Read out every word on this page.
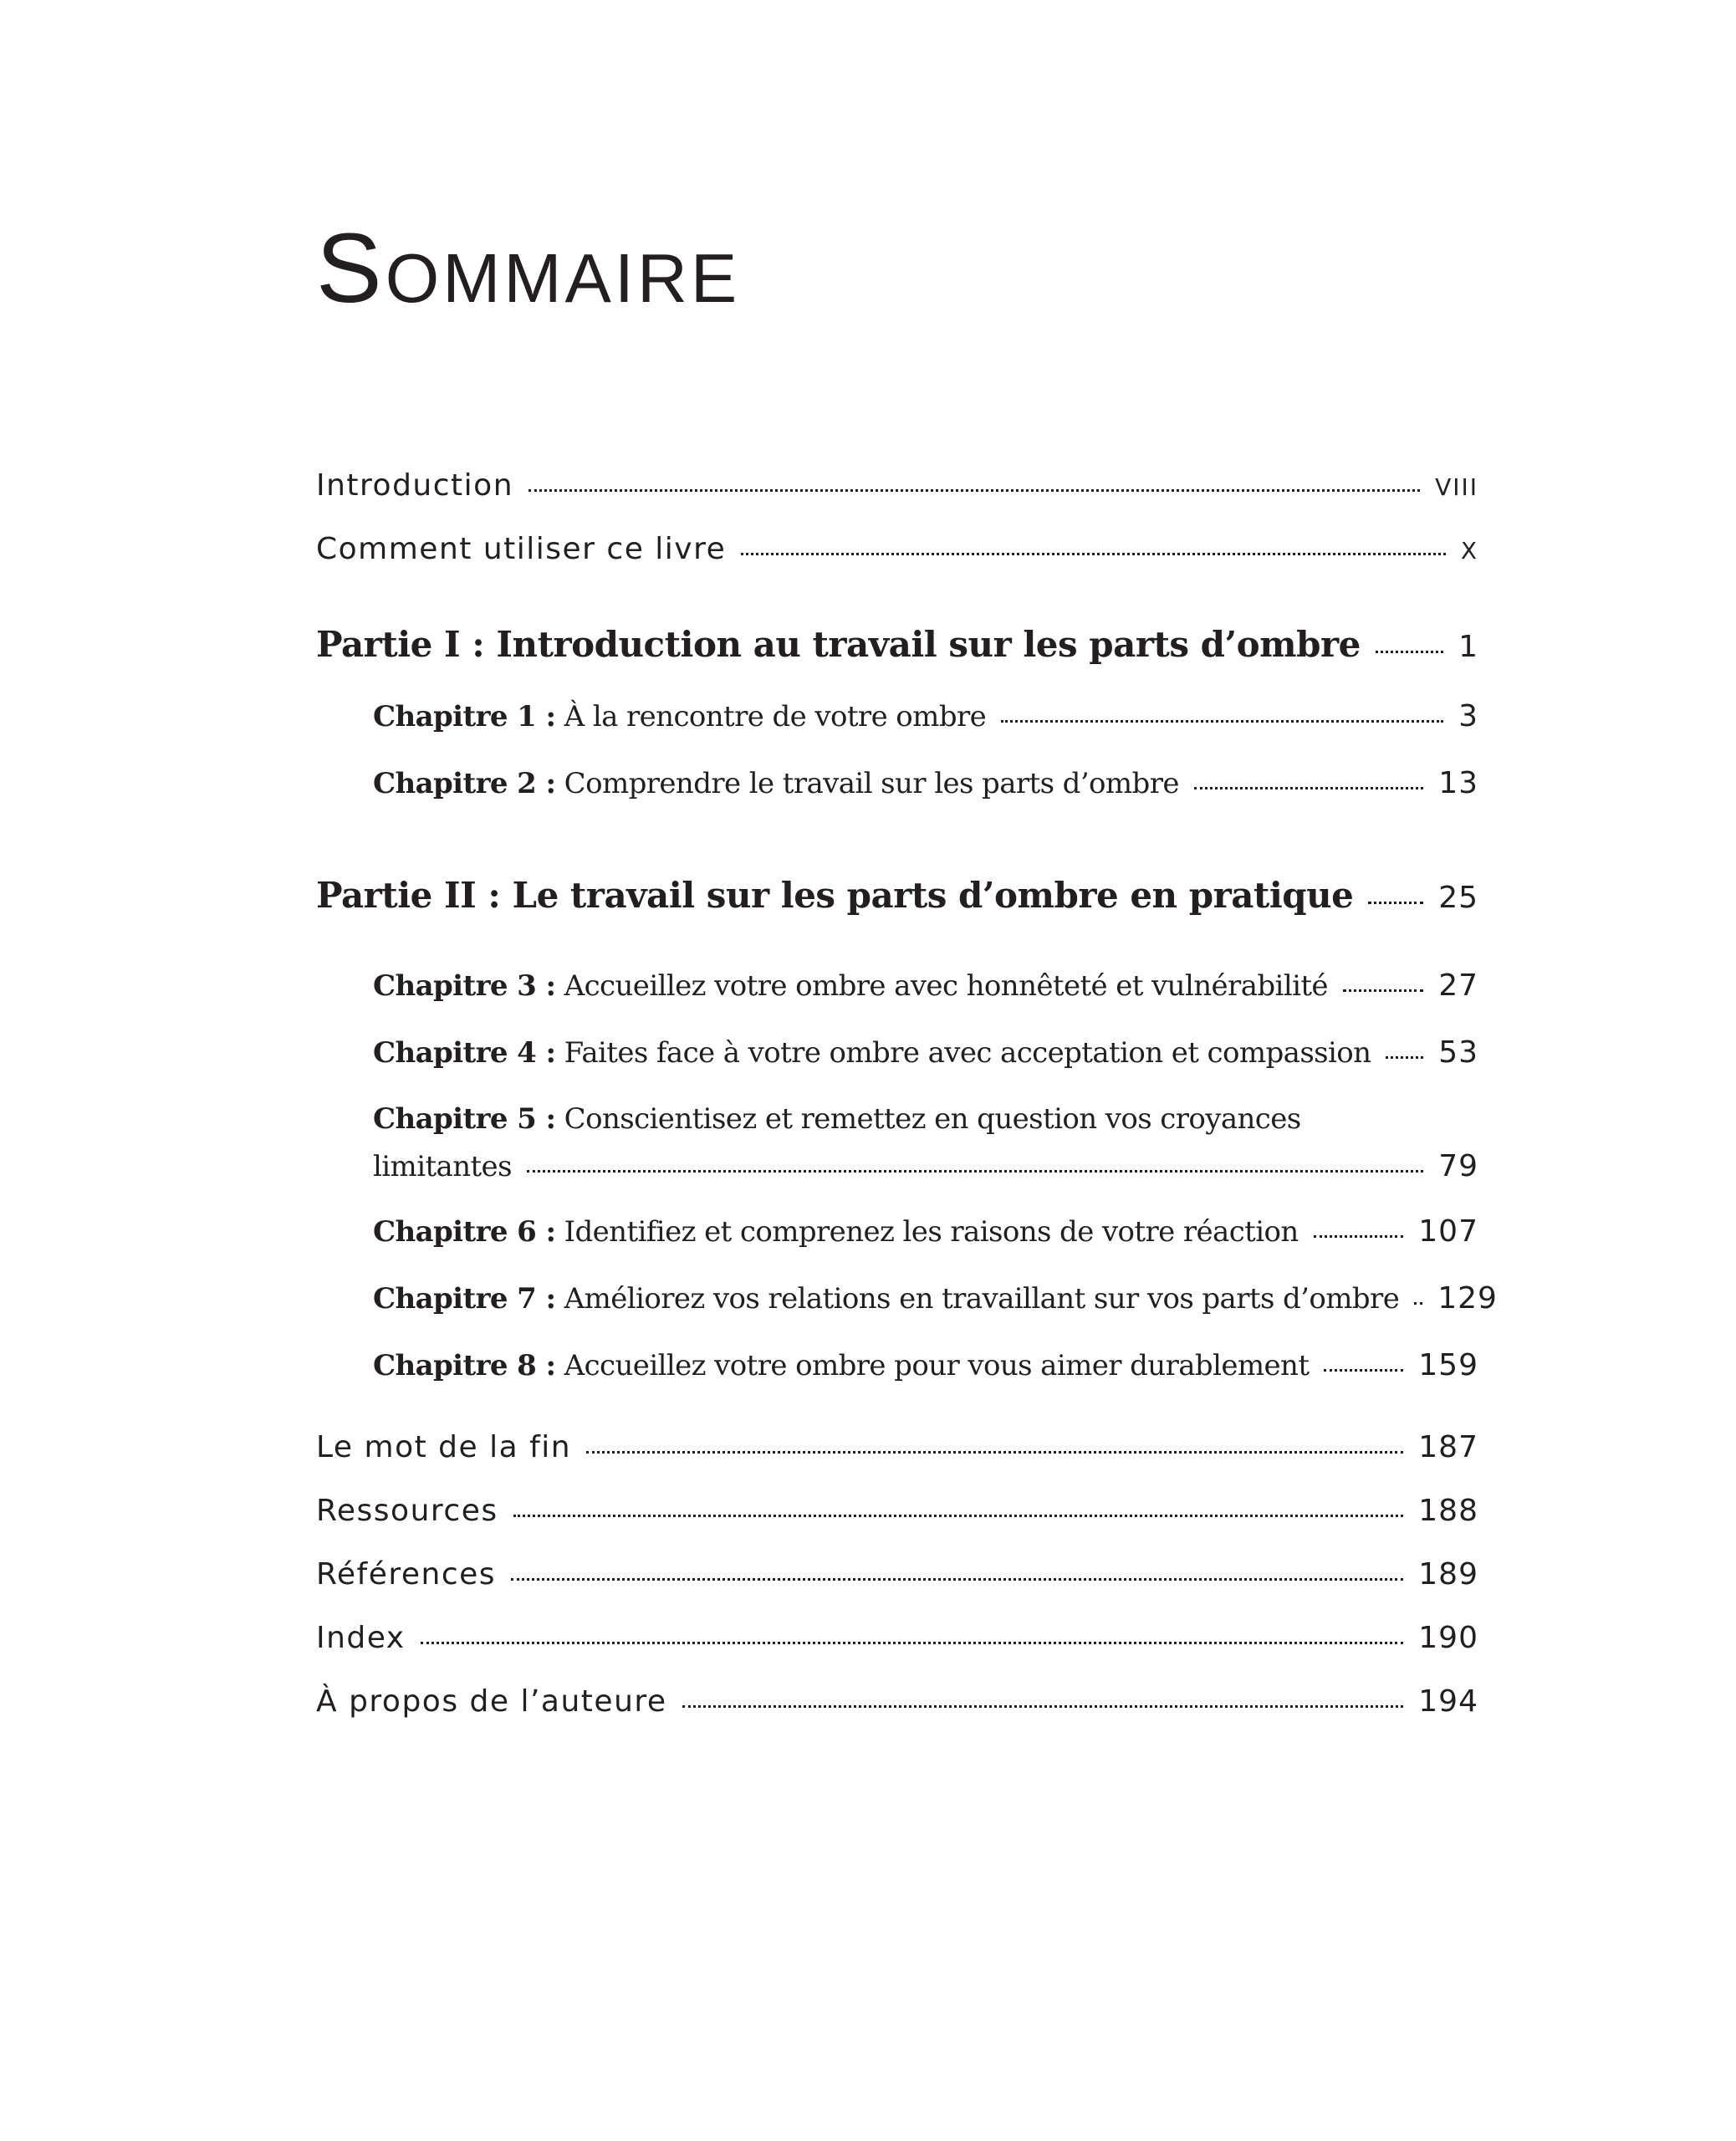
Sommaire
Introduction	VIII
Comment utiliser ce livre	X
Partie I : Introduction au travail sur les parts d’ombre	1
Chapitre 1 : À la rencontre de votre ombre	3
Chapitre 2 : Comprendre le travail sur les parts d’ombre	13
Partie II : Le travail sur les parts d’ombre en pratique	25
Chapitre 3 : Accueillez votre ombre avec honnêteté et vulnérabilité	27
Chapitre 4 : Faites face à votre ombre avec acceptation et compassion 53
Chapitre 5 : Conscientisez et remettez en question vos croyances
limitantes	79
Chapitre 6 : Identifiez et comprenez les raisons de votre réaction	107
Chapitre 7 : Améliorez vos relations en travaillant sur vos parts d’ombre 129
Chapitre 8 : Accueillez votre ombre pour vous aimer durablement	159
Le mot de la fin	187
Ressources	188
Références	189
Index	190
À propos de l’auteure	194
